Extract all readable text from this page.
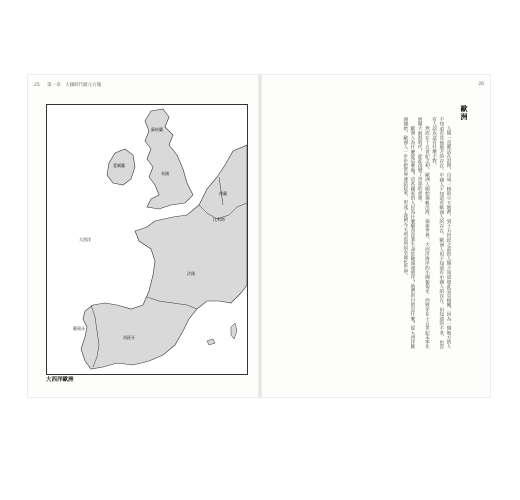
25 第一章　大國時代歐元方塊
蘇格蘭
愛爾蘭
英國
荷蘭
比利時
大西洋
法國
葡萄牙
西班牙
大西洋歐洲
26
歐洲

人類一直都活在封閉、自成一格的小天地裡，到十五世紀之前的人類不知道彼此息息相關，因為一個地方的人不知道有其他地方的存在。中國人不知道有歐洲人的存在，歐洲人也不知道有中國人的存在。但知道的不多，也沒有人認為這有什麼不對。

然而在十五世紀之初，歐洲人開始揚帆出海，探索世界，大西洋海岸的小國葡萄牙、西班牙在十五世紀末率先展開大航海時代，從此改變了世界的命運。

歐洲人為什麼能這麼做？這些國家的人民為什麼願意冒著生命危險遠渡重洋？他們的目的是什麼？從大西洋歐洲開始，歐洲人一步步把世界連結起來，形成了我們今天所看到的全球化世界。
